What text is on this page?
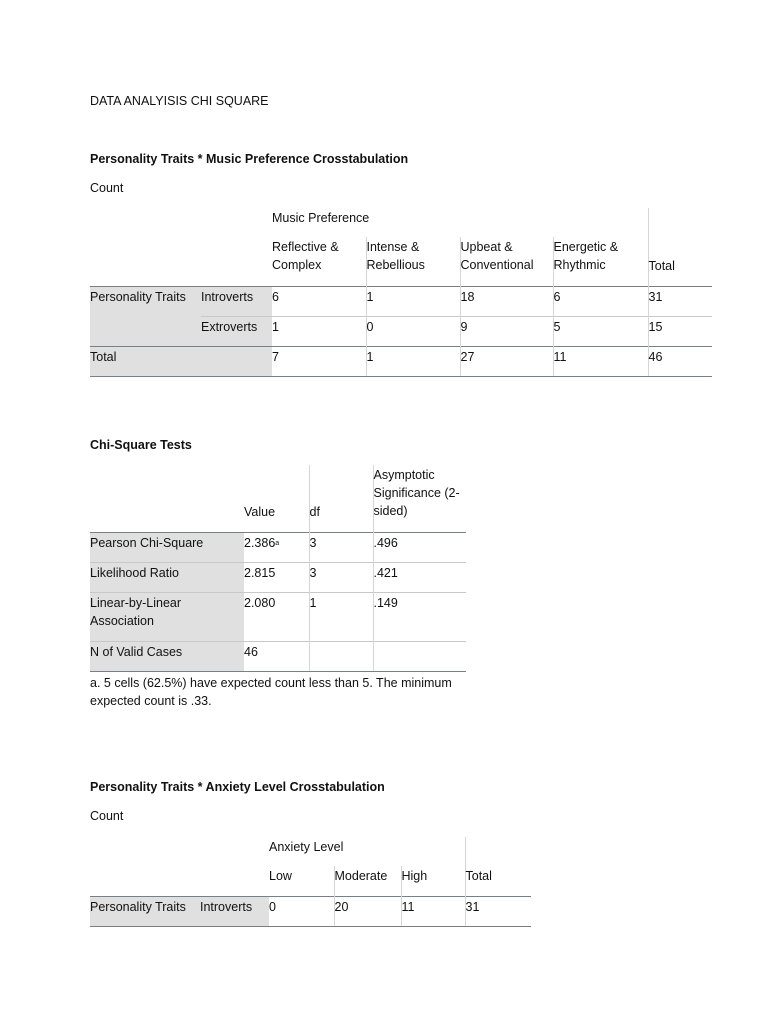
DATA ANALYISIS CHI SQUARE
Personality Traits * Music Preference Crosstabulation
Count
		Music Preference				
		Reflective & Complex	Intense & Rebellious	Upbeat & Conventional	Energetic & Rhythmic	Total
Personality Traits	Introverts	6	1	18	6	31
	Extroverts	1	0	9	5	15
Total		7	1	27	11	46
Chi-Square Tests
	Value	df	Asymptotic Significance (2-sided)
Pearson Chi-Square	2.386$^a$	3	.496
Likelihood Ratio	2.815	3	.421
Linear-by-Linear Association	2.080	1	.149
N of Valid Cases	46		
a. 5 cells (62.5%) have expected count less than 5. The minimum expected count is .33.
Personality Traits * Anxiety Level Crosstabulation
Count
		Anxiety Level			
		Low	Moderate	High	Total
Personality Traits	Introverts	0	20	11	31
